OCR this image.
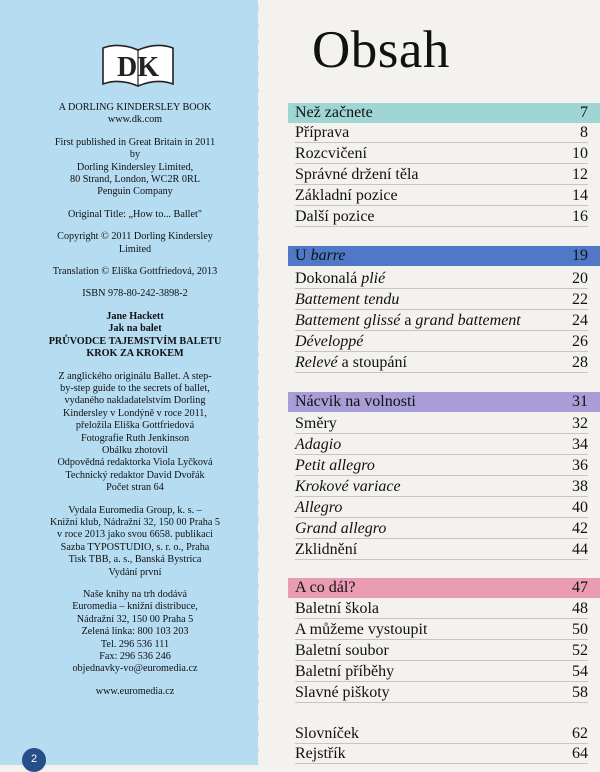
DK
A DORLING KINDERSLEY BOOK
www.dk.com
First published in Great Britain in 2011
by
Dorling Kindersley Limited,
80 Strand, London, WC2R 0RL
Penguin Company
Original Title: „How to... Ballet"
Copyright © 2011 Dorling Kindersley
Limited
Translation © Eliška Gottfriedová, 2013
ISBN 978-80-242-3898-2
Jane Hackett
Jak na balet
PRŮVODCE TAJEMSTVÍM BALETU
KROK ZA KROKEM
Z anglického originálu Ballet. A step-
by-step guide to the secrets of ballet,
vydaného nakladatelstvím Dorling
Kindersley v Londýně v roce 2011,
přeložila Eliška Gottfriedová
Fotografie Ruth Jenkinson
Obálku zhotovil
Odpovědná redaktorka Viola Lyčková
Technický redaktor David Dvořák
Počet stran 64
Vydala Euromedia Group, k. s. –
Knižní klub, Nádražní 32, 150 00 Praha 5
v roce 2013 jako svou 6658. publikaci
Sazba TYPOSTUDIO, s. r. o., Praha
Tisk TBB, a. s., Banská Bystrica
Vydání první
Naše knihy na trh dodává
Euromedia – knižní distribuce,
Nádražní 32, 150 00 Praha 5
Zelená linka: 800 103 203
Tel. 296 536 111
Fax: 296 536 246
objednavky-vo@euromedia.cz
www.euromedia.cz
2
Obsah
Než začnete	7
Příprava	8
Rozcvičení	10
Správné držení těla	12
Základní pozice	14
Další pozice	16
U barre	19
Dokonalá plié	20
Battement tendu	22
Battement glissé a grand battement	24
Développé	26
Relevé a stoupání	28
Nácvik na volnosti	31
Směry	32
Adagio	34
Petit allegro	36
Krokové variace	38
Allegro	40
Grand allegro	42
Zklidnění	44
A co dál?	47
Baletní škola	48
A můžeme vystoupit	50
Baletní soubor	52
Baletní příběhy	54
Slavné piškoty	58
Slovníček	62
Rejstřík	64
